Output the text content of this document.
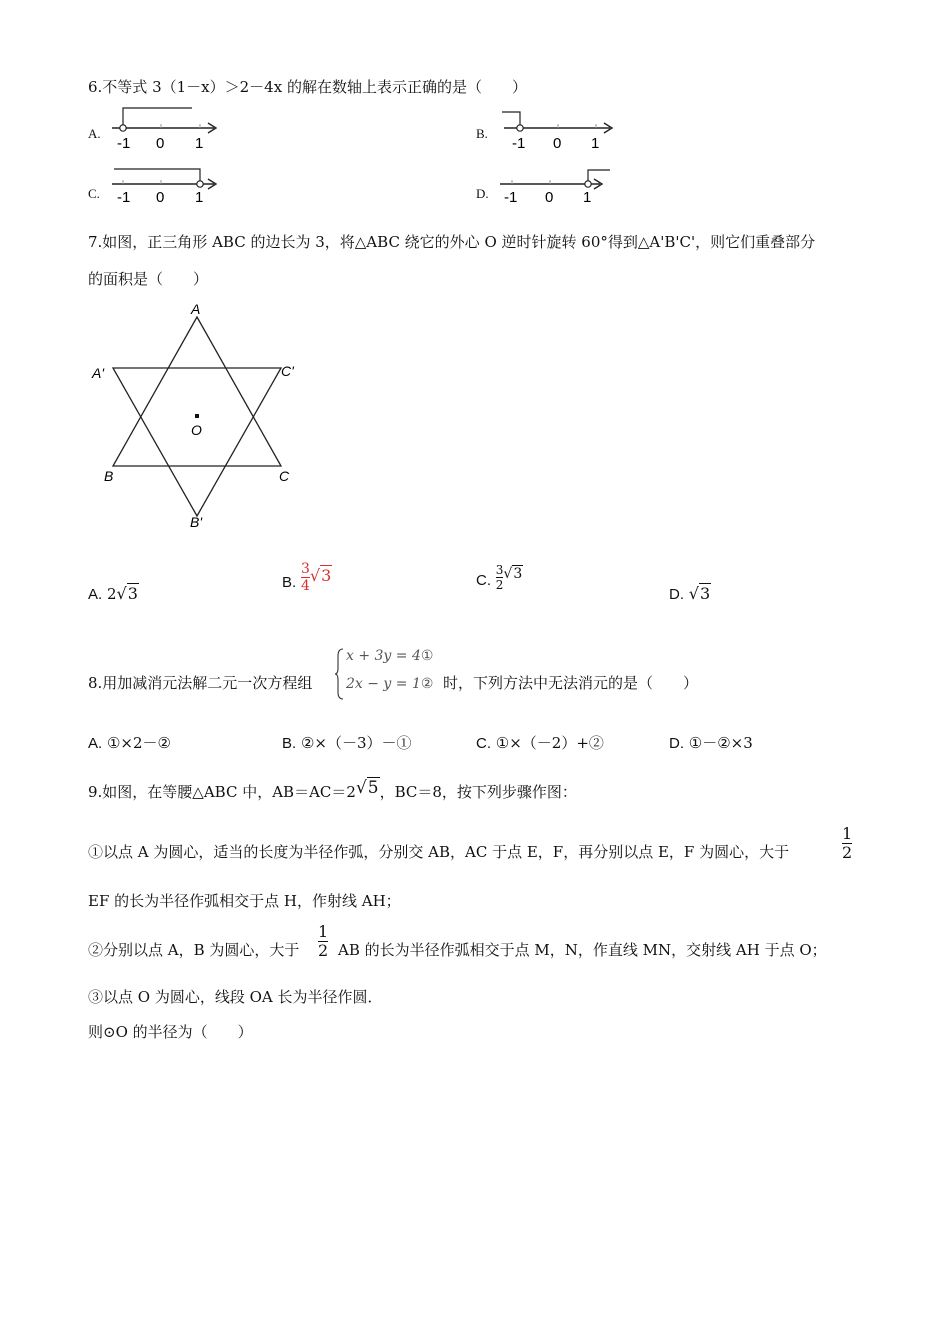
6.不等式 3（1－x）＞2－4x 的解在数轴上表示正确的是（　　）
A.
-1 0 1
B.
-1 0 1
C. -1 0 1	D. -1 0 1
7.如图，正三角形 ABC 的边长为 3，将△ABC 绕它的外心 O 逆时针旋转 60°得到△A'B'C'，则它们重叠部分
的面积是（　　）
A
A'	C'
O
B	C
B'
A. 2√3
B. $\frac{3}{4} √3$	C. $\frac{3}{2} √3$
D. √3
8.用加减消元法解二元一次方程组
x + 3y = 4①
2x − y = 1② 时，下列方法中无法消元的是（　　）
A. ①×2－②	B. ②×（－3）－①	C. ①×（－2）+②	D. ①－②×3
9.如图，在等腰△ABC 中，AB＝AC＝2√5，BC＝8，按下列步骤作图：
①以点 A 为圆心，适当的长度为半径作弧，分别交 AB，AC 于点 E，F，再分别以点 E，F 为圆心，大于	$\frac{1}{2}$
EF 的长为半径作弧相交于点 H，作射线 AH；
②分别以点 A，B 为圆心，大于 $\frac{1}{2}$ AB 的长为半径作弧相交于点 M，N，作直线 MN，交射线 AH 于点 O；
③以点 O 为圆心，线段 OA 长为半径作圆．
则⊙O 的半径为（　　）
